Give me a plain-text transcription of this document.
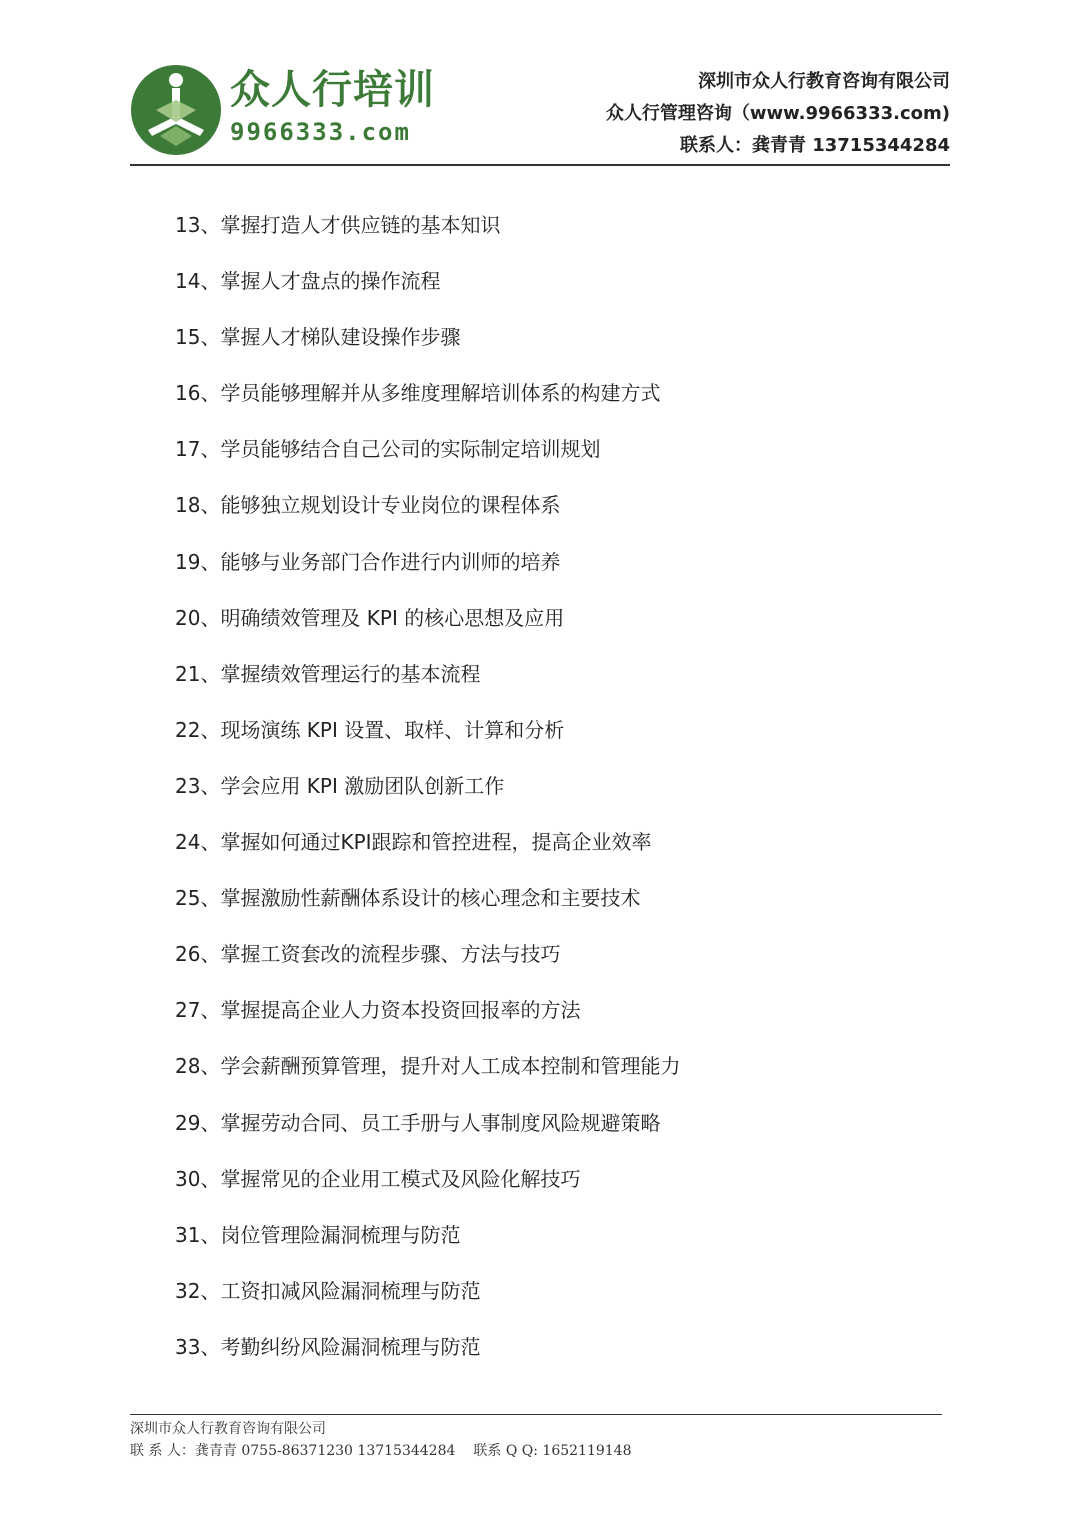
众人行培训
9966333.com
深圳市众人行教育咨询有限公司
众人行管理咨询（www.9966333.com)
联系人：龚青青 13715344284
13、掌握打造人才供应链的基本知识
14、掌握人才盘点的操作流程
15、掌握人才梯队建设操作步骤
16、学员能够理解并从多维度理解培训体系的构建方式
17、学员能够结合自己公司的实际制定培训规划
18、能够独立规划设计专业岗位的课程体系
19、能够与业务部门合作进行内训师的培养
20、明确绩效管理及 KPI 的核心思想及应用
21、掌握绩效管理运行的基本流程
22、现场演练 KPI 设置、取样、计算和分析
23、学会应用 KPI 激励团队创新工作
24、掌握如何通过KPI跟踪和管控进程，提高企业效率
25、掌握激励性薪酬体系设计的核心理念和主要技术
26、掌握工资套改的流程步骤、方法与技巧
27、掌握提高企业人力资本投资回报率的方法
28、学会薪酬预算管理，提升对人工成本控制和管理能力
29、掌握劳动合同、员工手册与人事制度风险规避策略
30、掌握常见的企业用工模式及风险化解技巧
31、岗位管理险漏洞梳理与防范
32、工资扣减风险漏洞梳理与防范
33、考勤纠纷风险漏洞梳理与防范
深圳市众人行教育咨询有限公司
联 系 人：龚青青 0755-86371230 13715344284 联系 Q Q: 1652119148
